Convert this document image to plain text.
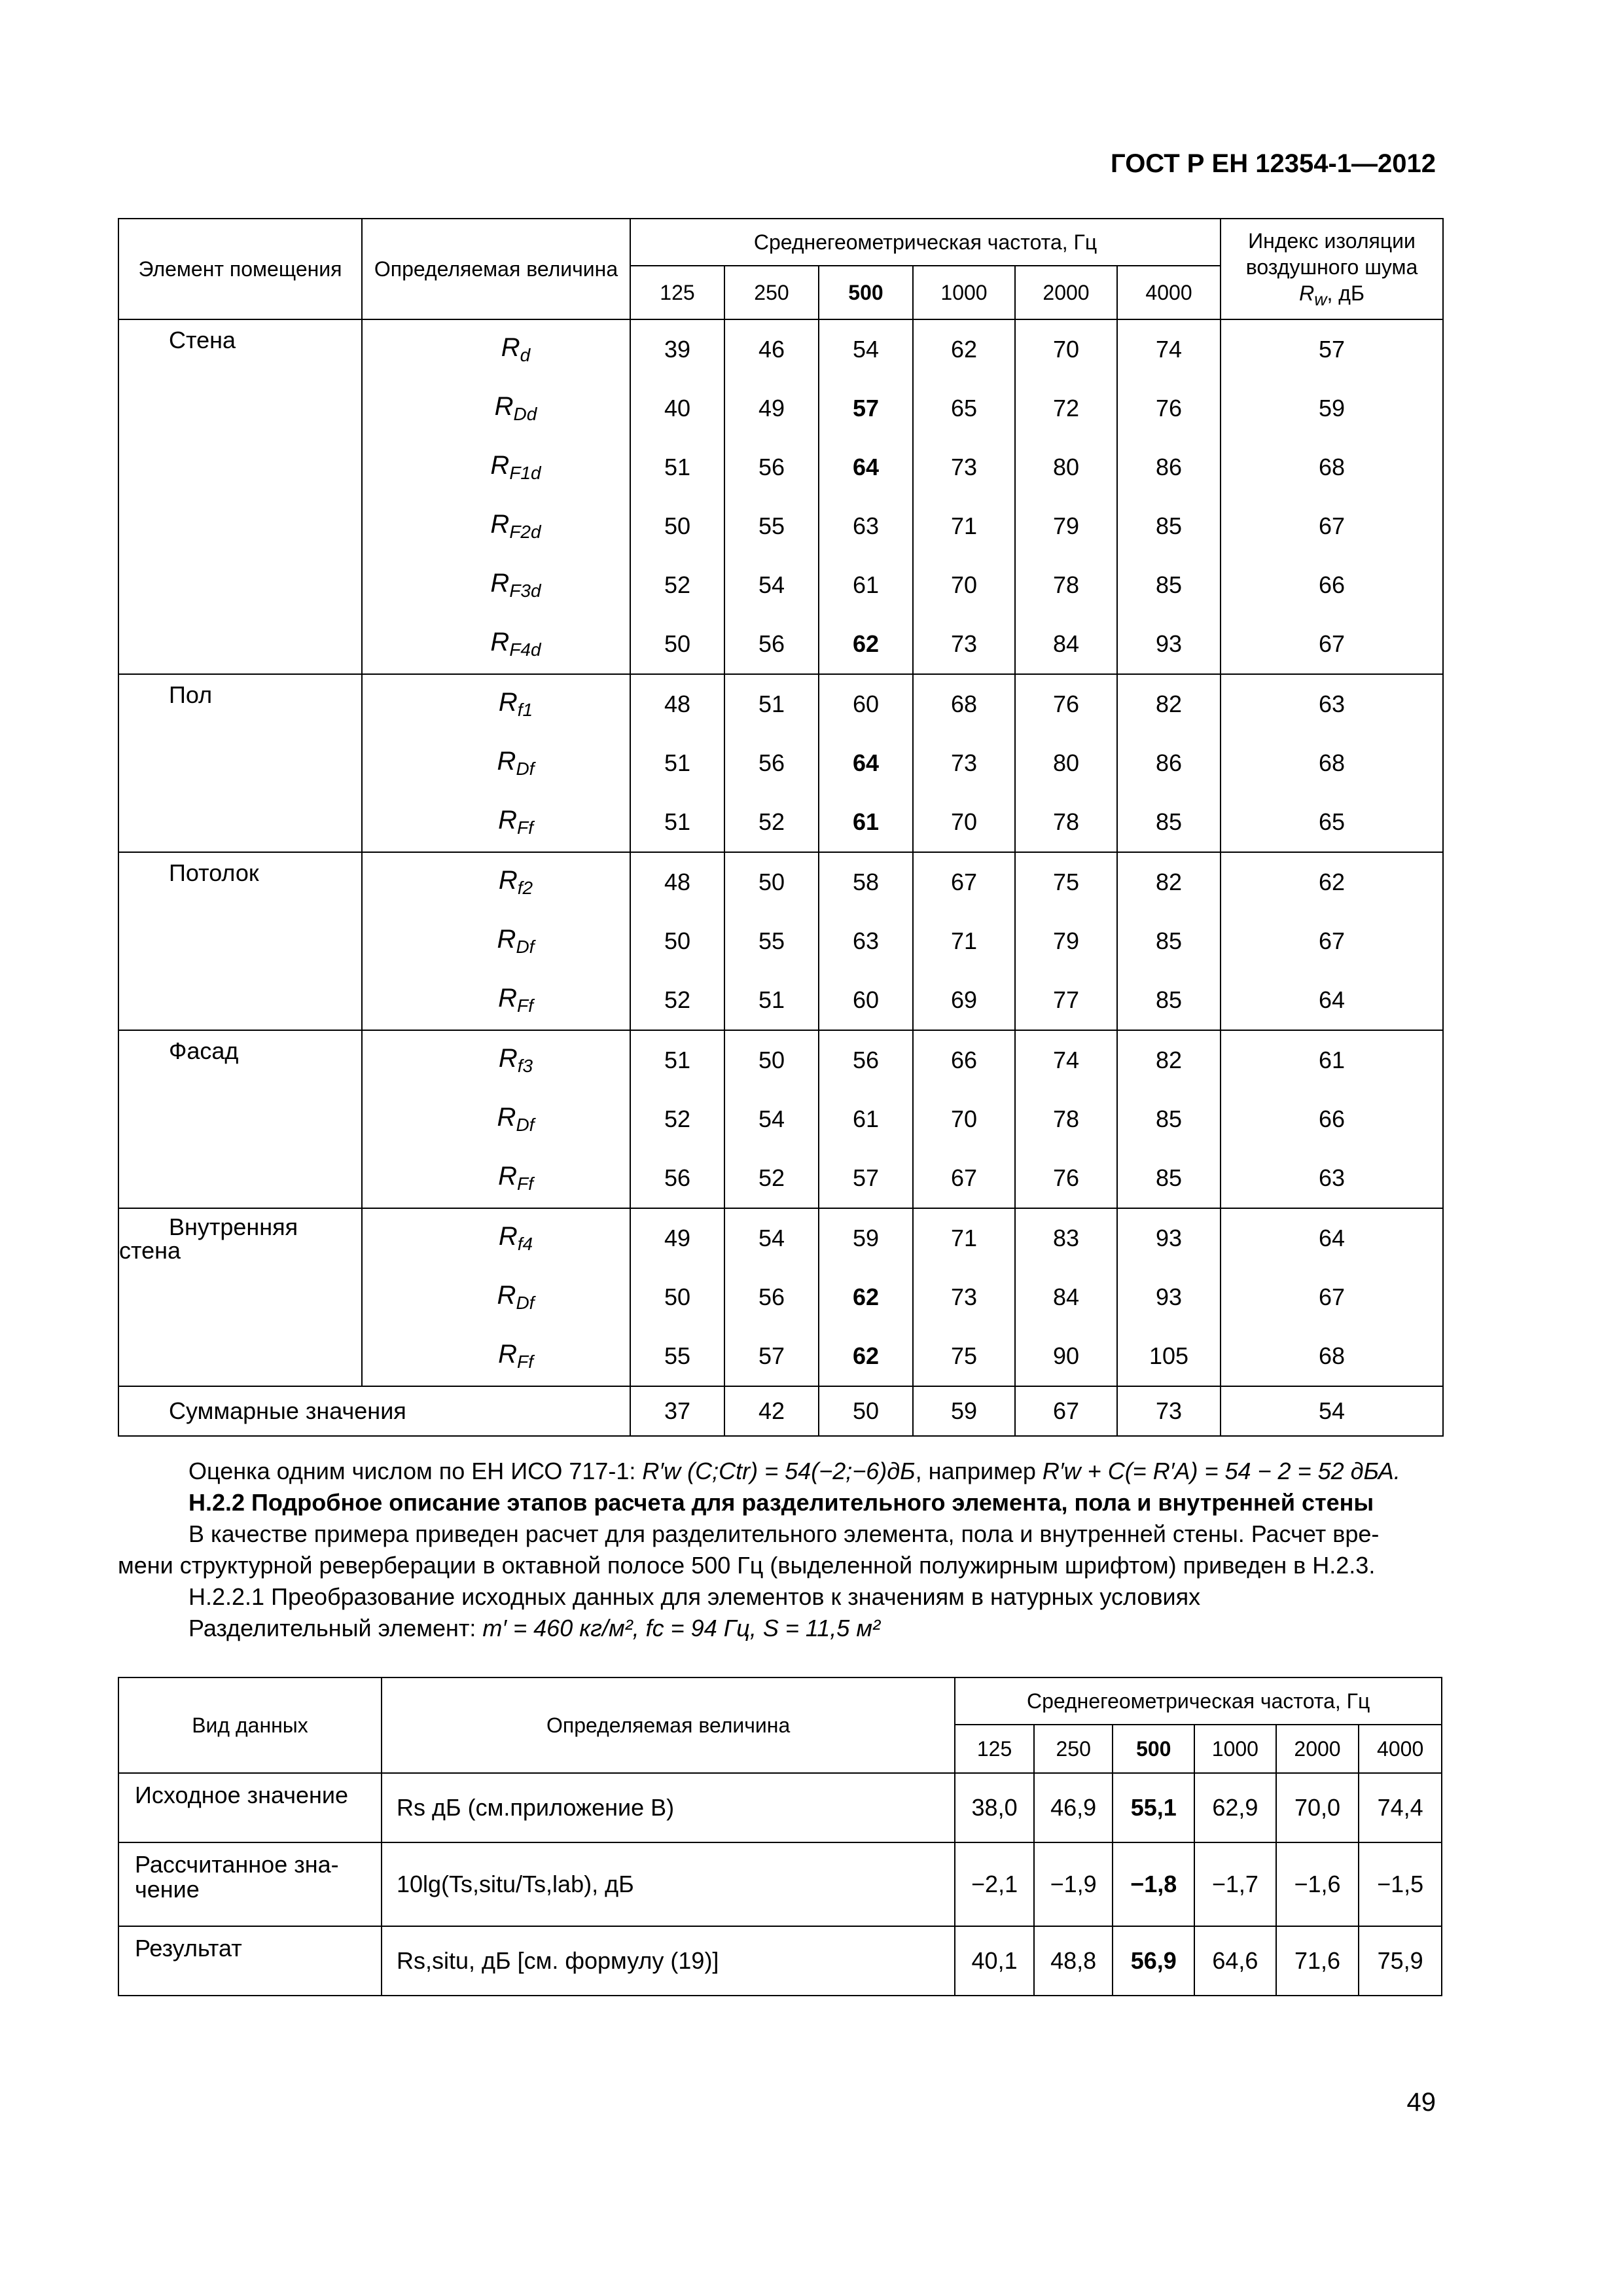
ГОСТ Р ЕН 12354-1—2012
Элемент помещения	Определяемая величина	Среднегеометрическая частота, Гц						Индекс изоляции воздушного шума
$R_w$, дБ
		125	250	500	1000	2000	4000	
Стена	$R_d$	39	46	54	62	70	74	57
	$R_{Dd}$	40	49	57	65	72	76	59
	$R_{F1d}$	51	56	64	73	80	86	68
	$R_{F2d}$	50	55	63	71	79	85	67
	$R_{F3d}$	52	54	61	70	78	85	66
	$R_{F4d}$	50	56	62	73	84	93	67
Пол	$R_{f1}$	48	51	60	68	76	82	63
	$R_{Df}$	51	56	64	73	80	86	68
	$R_{Ff}$	51	52	61	70	78	85	65
Потолок	$R_{f2}$	48	50	58	67	75	82	62
	$R_{Df}$	50	55	63	71	79	85	67
	$R_{Ff}$	52	51	60	69	77	85	64
Фасад	$R_{f3}$	51	50	56	66	74	82	61
	$R_{Df}$	52	54	61	70	78	85	66
	$R_{Ff}$	56	52	57	67	76	85	63

Внутренняя
стена	$R_{f4}$	49	54	59	71	83	93	64
	$R_{Df}$	50	56	62	73	84	93	67
	$R_{Ff}$	55	57	62	75	90	105	68
Суммарные значения		37	42	50	59	67	73	54
Оценка одним числом по ЕН ИСО 717-1: R′w (C;Ctr) = 54(−2;−6)дБ, например R′w + C(= R′A) = 54 − 2 = 52 дБА.
Н.2.2 Подробное описание этапов расчета для разделительного элемента, пола и внутренней стены
В качестве примера приведен расчет для разделительного элемента, пола и внутренней стены. Расчет вре-
мени структурной реверберации в октавной полосе 500 Гц (выделенной полужирным шрифтом) приведен в Н.2.3.
Н.2.2.1 Преобразование исходных данных для элементов к значениям в натурных условиях
Разделительный элемент: m′ = 460 кг/м², fc = 94 Гц, S = 11,5 м²
Вид данных	Определяемая величина	Среднегеометрическая частота, Гц					
		125	250	500	1000	2000	4000
Исходное значение	Rs дБ (см.приложение В)	38,0	46,9	55,1	62,9	70,0	74,4
Рассчитанное зна-
чение	10lg(Ts,situ/Ts,lab), дБ	−2,1	−1,9	−1,8	−1,7	−1,6	−1,5
Результат	Rs,situ, дБ [см. формулу (19)]	40,1	48,8	56,9	64,6	71,6	75,9
49
